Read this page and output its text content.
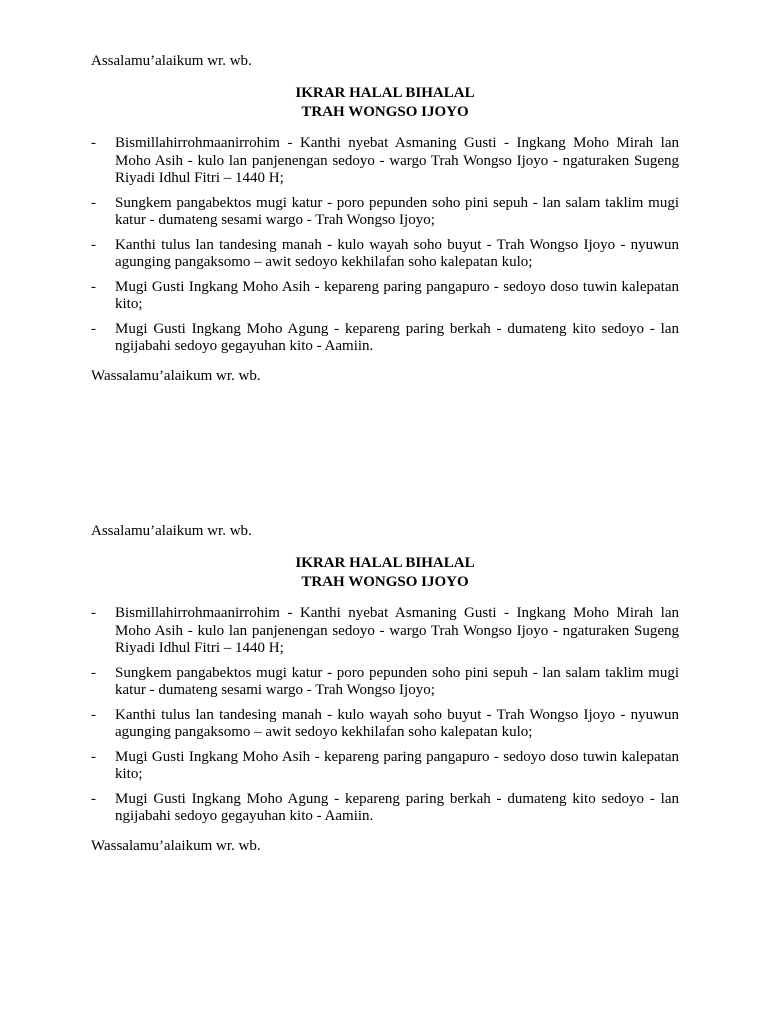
Assalamu’alaikum wr. wb.

IKRAR HALAL BIHALAL
TRAH WONGSO IJOYO
- Bismillahirrohmaanirrohim - Kanthi nyebat Asmaning Gusti - Ingkang Moho Mirah lan Moho Asih - kulo lan panjenengan sedoyo - wargo Trah Wongso Ijoyo - ngaturaken Sugeng Riyadi Idhul Fitri – 1440 H;
- Sungkem pangabektos mugi katur - poro pepunden soho pini sepuh - lan salam taklim mugi katur - dumateng sesami wargo - Trah Wongso Ijoyo;
- Kanthi tulus lan tandesing manah - kulo wayah soho buyut - Trah Wongso Ijoyo - nyuwun agunging pangaksomo – awit sedoyo kekhilafan soho kalepatan kulo;
- Mugi Gusti Ingkang Moho Asih - kepareng paring pangapuro - sedoyo doso tuwin kalepatan kito;
- Mugi Gusti Ingkang Moho Agung - kepareng paring berkah - dumateng kito sedoyo - lan ngijabahi sedoyo gegayuhan kito - Aamiin.

Wassalamu’alaikum wr. wb.

Assalamu’alaikum wr. wb.

IKRAR HALAL BIHALAL
TRAH WONGSO IJOYO
- Bismillahirrohmaanirrohim - Kanthi nyebat Asmaning Gusti - Ingkang Moho Mirah lan Moho Asih - kulo lan panjenengan sedoyo - wargo Trah Wongso Ijoyo - ngaturaken Sugeng Riyadi Idhul Fitri – 1440 H;
- Sungkem pangabektos mugi katur - poro pepunden soho pini sepuh - lan salam taklim mugi katur - dumateng sesami wargo - Trah Wongso Ijoyo;
- Kanthi tulus lan tandesing manah - kulo wayah soho buyut - Trah Wongso Ijoyo - nyuwun agunging pangaksomo – awit sedoyo kekhilafan soho kalepatan kulo;
- Mugi Gusti Ingkang Moho Asih - kepareng paring pangapuro - sedoyo doso tuwin kalepatan kito;
- Mugi Gusti Ingkang Moho Agung - kepareng paring berkah - dumateng kito sedoyo - lan ngijabahi sedoyo gegayuhan kito - Aamiin.

Wassalamu’alaikum wr. wb.
